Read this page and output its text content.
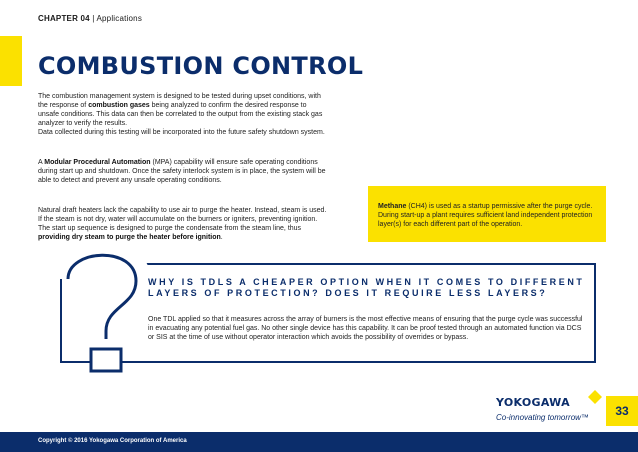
CHAPTER 04 | Applications
COMBUSTION CONTROL
The combustion management system is designed to be tested during upset conditions, with the response of combustion gases being analyzed to confirm the desired response to unsafe conditions. This data can then be correlated to the output from the existing stack gas analyzer to verify the results.
Data collected during this testing will be incorporated into the future safety shutdown system.
A Modular Procedural Automation (MPA) capability will ensure safe operating conditions during start up and shutdown. Once the safety interlock system is in place, the system will be able to detect and prevent any unsafe operating conditions.
Natural draft heaters lack the capability to use air to purge the heater. Instead, steam is used. If the steam is not dry, water will accumulate on the burners or igniters, preventing ignition. The start up sequence is designed to purge the condensate from the steam line, thus providing dry steam to purge the heater before ignition.
Methane (CH4) is used as a startup permissive after the purge cycle. During start-up a plant requires sufficient land independent protection layer(s) for each different part of the operation.
WHY IS TDLS A CHEAPER OPTION WHEN IT COMES TO DIFFERENT LAYERS OF PROTECTION? DOES IT REQUIRE LESS LAYERS?
One TDL applied so that it measures across the array of burners is the most effective means of ensuring that the purge cycle was successful in evacuating any potential fuel gas. No other single device has this capability. It can be proof tested through an automated function via DCS or SIS at the time of use without operator interaction which avoids the possibility of overrides or bypass.
YOKOGAWA
Co-innovating tomorrow™	33
Copyright © 2016 Yokogawa Corporation of America
